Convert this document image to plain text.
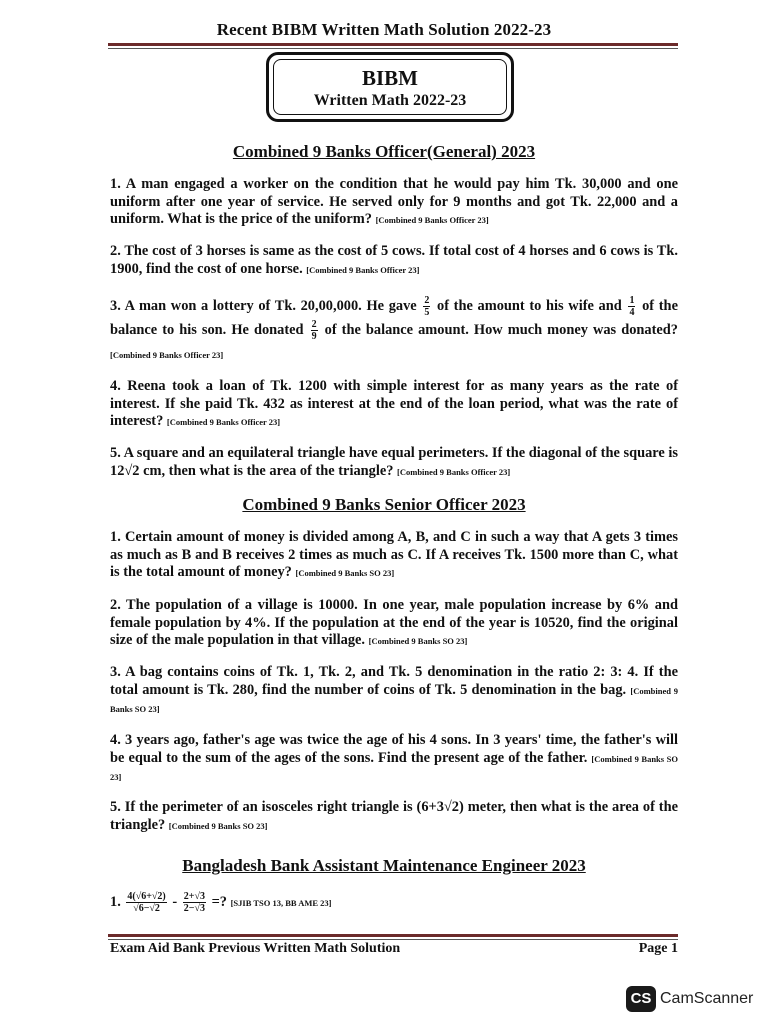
Recent BIBM Written Math Solution 2022-23
BIBM
Written Math 2022-23
Combined 9 Banks Officer(General) 2023
1. A man engaged a worker on the condition that he would pay him Tk. 30,000 and one uniform after one year of service. He served only for 9 months and got Tk. 22,000 and a uniform. What is the price of the uniform? [Combined 9 Banks Officer 23]
2. The cost of 3 horses is same as the cost of 5 cows. If total cost of 4 horses and 6 cows is Tk. 1900, find the cost of one horse. [Combined 9 Banks Officer 23]
3. A man won a lottery of Tk. 20,00,000. He gave $\frac{2}{5}$ of the amount to his wife and $\frac{1}{4}$ of the balance to his son. He donated $\frac{2}{9}$ of the balance amount. How much money was donated? [Combined 9 Banks Officer 23]
4. Reena took a loan of Tk. 1200 with simple interest for as many years as the rate of interest. If she paid Tk. 432 as interest at the end of the loan period, what was the rate of interest? [Combined 9 Banks Officer 23]
5. A square and an equilateral triangle have equal perimeters. If the diagonal of the square is 12√2 cm, then what is the area of the triangle? [Combined 9 Banks Officer 23]
Combined 9 Banks Senior Officer 2023
1. Certain amount of money is divided among A, B, and C in such a way that A gets 3 times as much as B and B receives 2 times as much as C. If A receives Tk. 1500 more than C, what is the total amount of money? [Combined 9 Banks SO 23]
2. The population of a village is 10000. In one year, male population increase by 6% and female population by 4%. If the population at the end of the year is 10520, find the original size of the male population in that village. [Combined 9 Banks SO 23]
3. A bag contains coins of Tk. 1, Tk. 2, and Tk. 5 denomination in the ratio 2: 3: 4. If the total amount is Tk. 280, find the number of coins of Tk. 5 denomination in the bag. [Combined 9 Banks SO 23]
4. 3 years ago, father's age was twice the age of his 4 sons. In 3 years' time, the father's will be equal to the sum of the ages of the sons. Find the present age of the father. [Combined 9 Banks SO 23]
5. If the perimeter of an isosceles right triangle is (6+3√2) meter, then what is the area of the triangle? [Combined 9 Banks SO 23]
Bangladesh Bank Assistant Maintenance Engineer 2023
1. $\frac{4(√6+√2)}{√6-√2} - \frac{2+√3}{2-√3}$ =? [SJIB TSO 13, BB AME 23]
Exam Aid Bank Previous Written Math Solution	Page 1
CS CamScanner
